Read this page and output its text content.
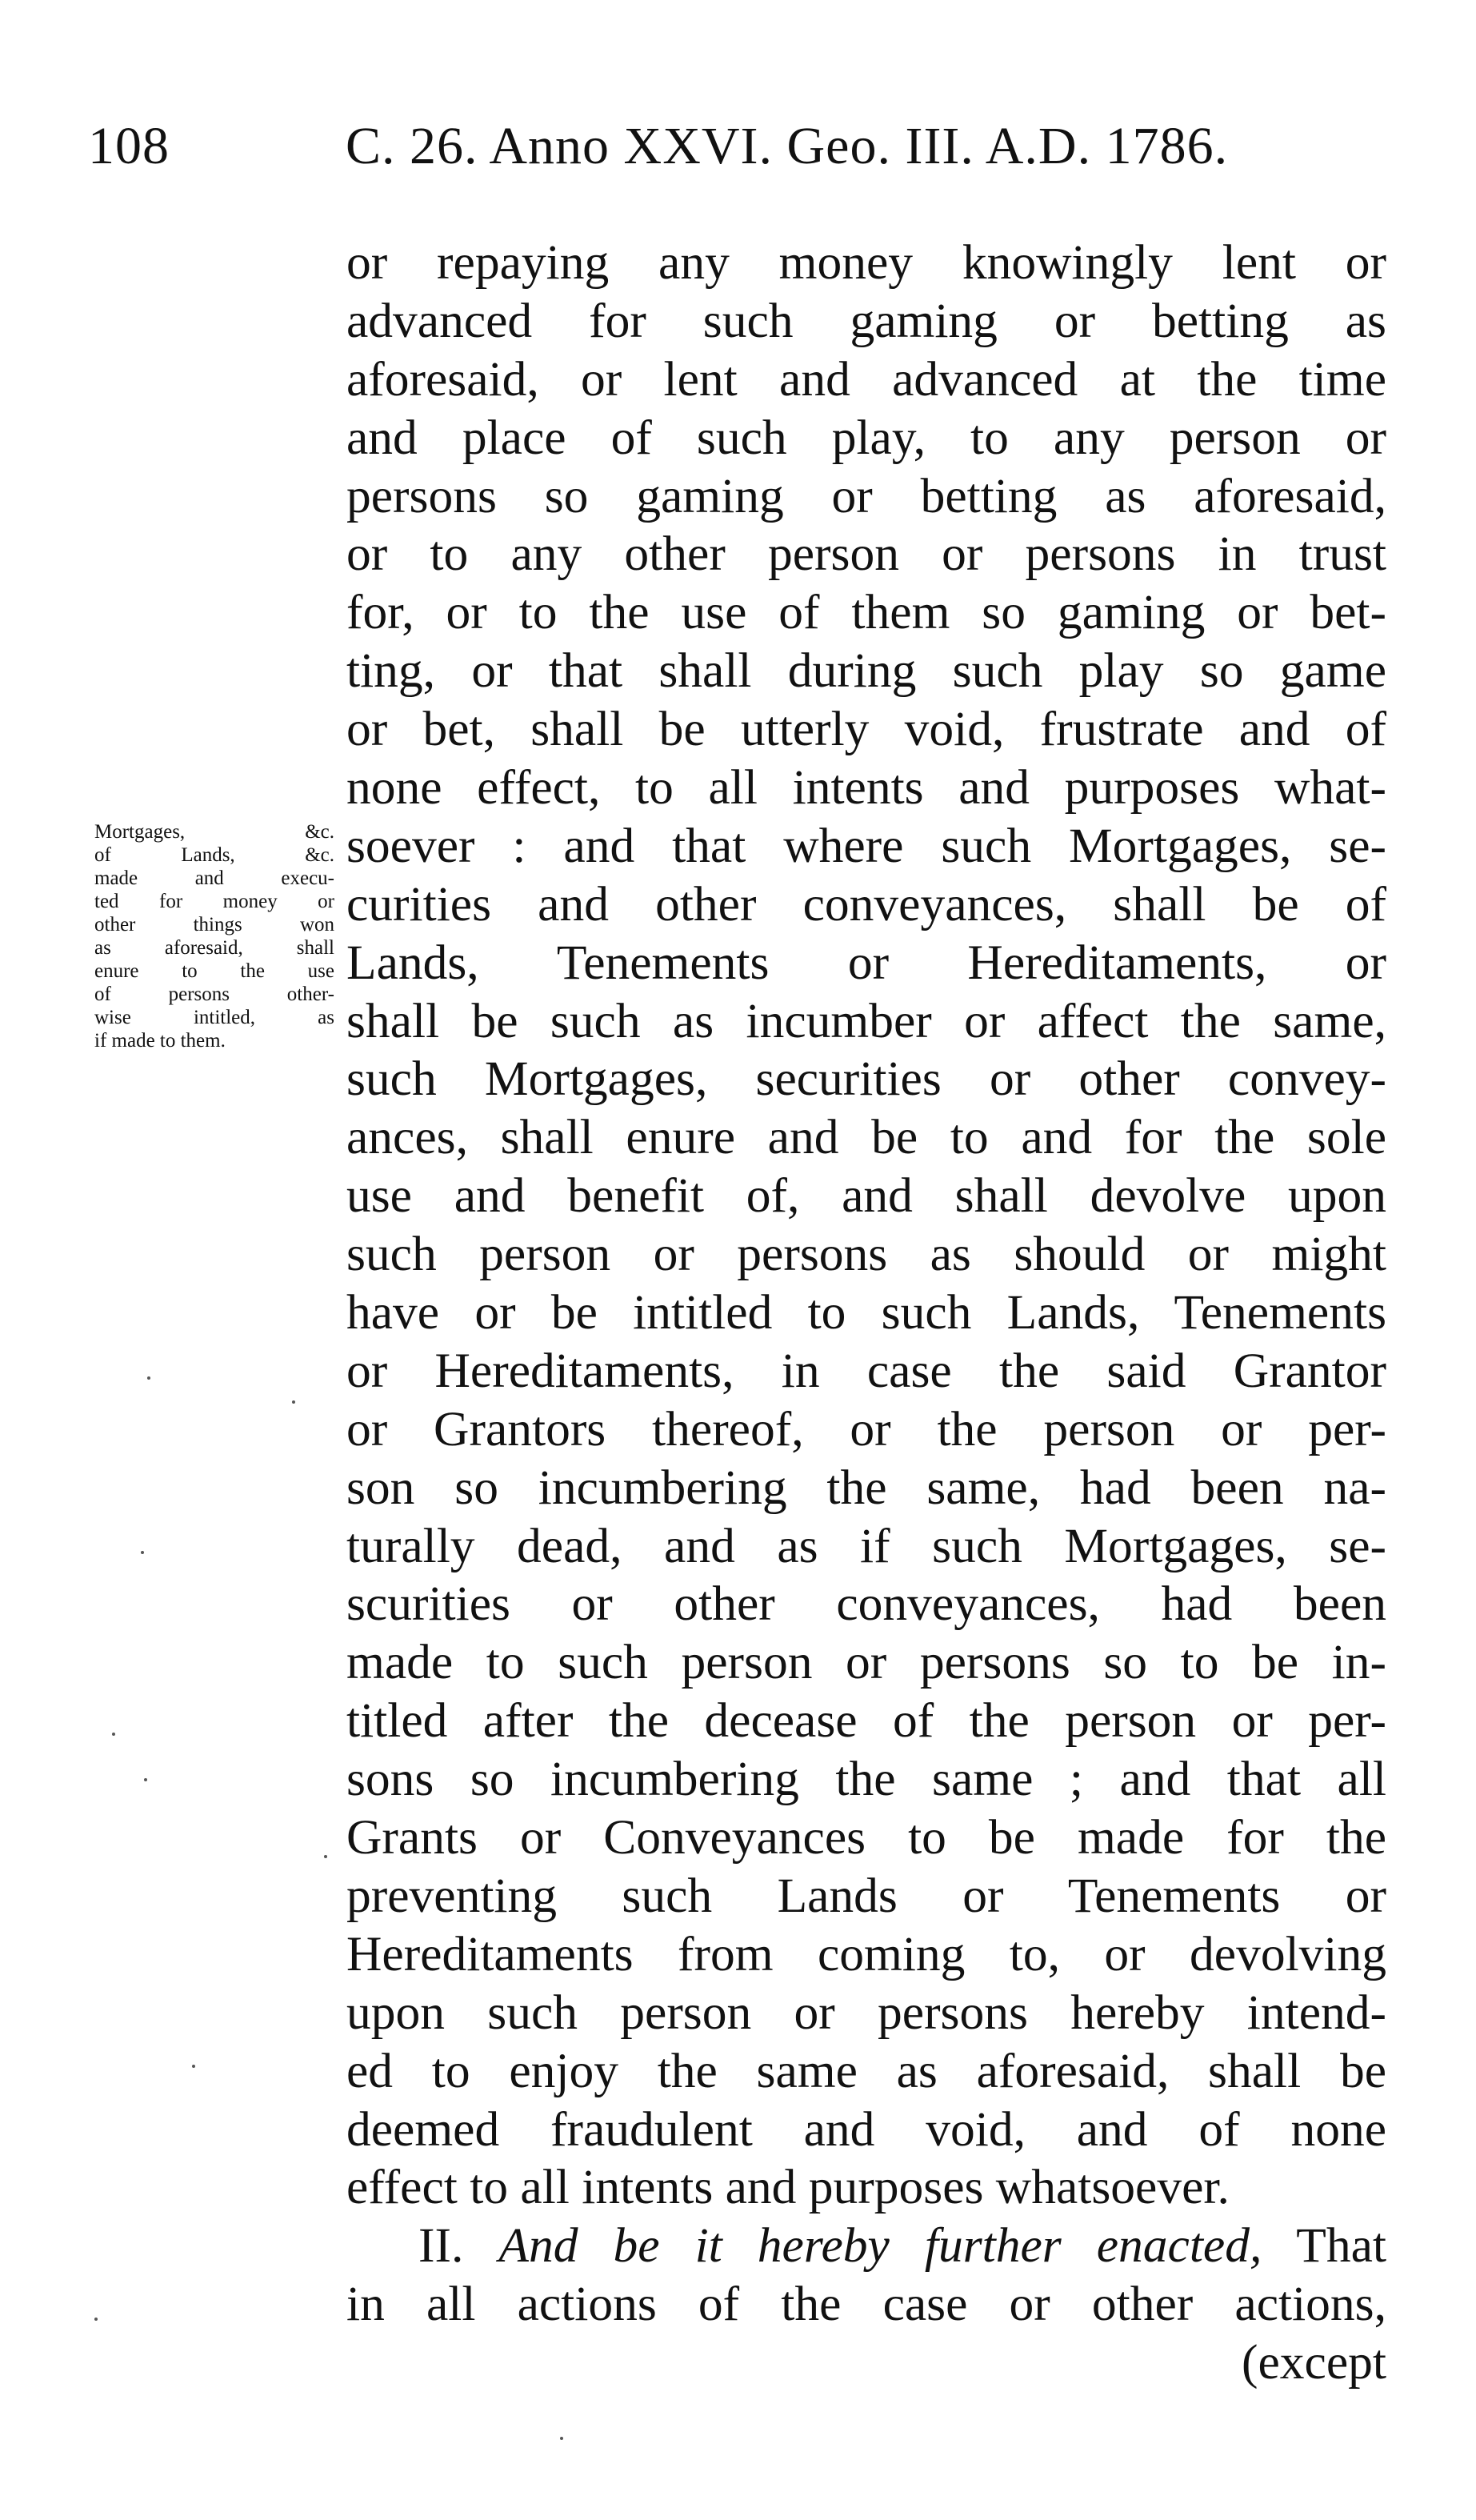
108	C. 26. Anno XXVI. Geo. III. A.D. 1786.
Mortgages, &c.
of Lands, &c.
made and execu-
ted for money or
other things won
as aforesaid, shall
enure to the use
of persons other-
wise intitled, as
if made to them.
or repaying any money knowingly lent or
advanced for such gaming or betting as
aforesaid, or lent and advanced at the time
and place of such play, to any person or
persons so gaming or betting as aforesaid,
or to any other person or persons in trust
for, or to the use of them so gaming or bet-
ting, or that shall during such play so game
or bet, shall be utterly void, frustrate and of
none effect, to all intents and purposes what-
soever : and that where such Mortgages, se-
curities and other conveyances, shall be of
Lands, Tenements or Hereditaments, or
shall be such as incumber or affect the same,
such Mortgages, securities or other convey-
ances, shall enure and be to and for the sole
use and benefit of, and shall devolve upon
such person or persons as should or might
have or be intitled to such Lands, Tenements
or Hereditaments, in case the said Grantor
or Grantors thereof, or the person or per-
son so incumbering the same, had been na-
turally dead, and as if such Mortgages, se-
scurities or other conveyances, had been
made to such person or persons so to be in-
titled after the decease of the person or per-
sons so incumbering the same ; and that all
Grants or Conveyances to be made for the
preventing such Lands or Tenements or
Hereditaments from coming to, or devolving
upon such person or persons hereby intend-
ed to enjoy the same as aforesaid, shall be
deemed fraudulent and void, and of none
effect to all intents and purposes whatsoever.
II. And be it hereby further enacted, That
in all actions of the case or other actions,
(except
